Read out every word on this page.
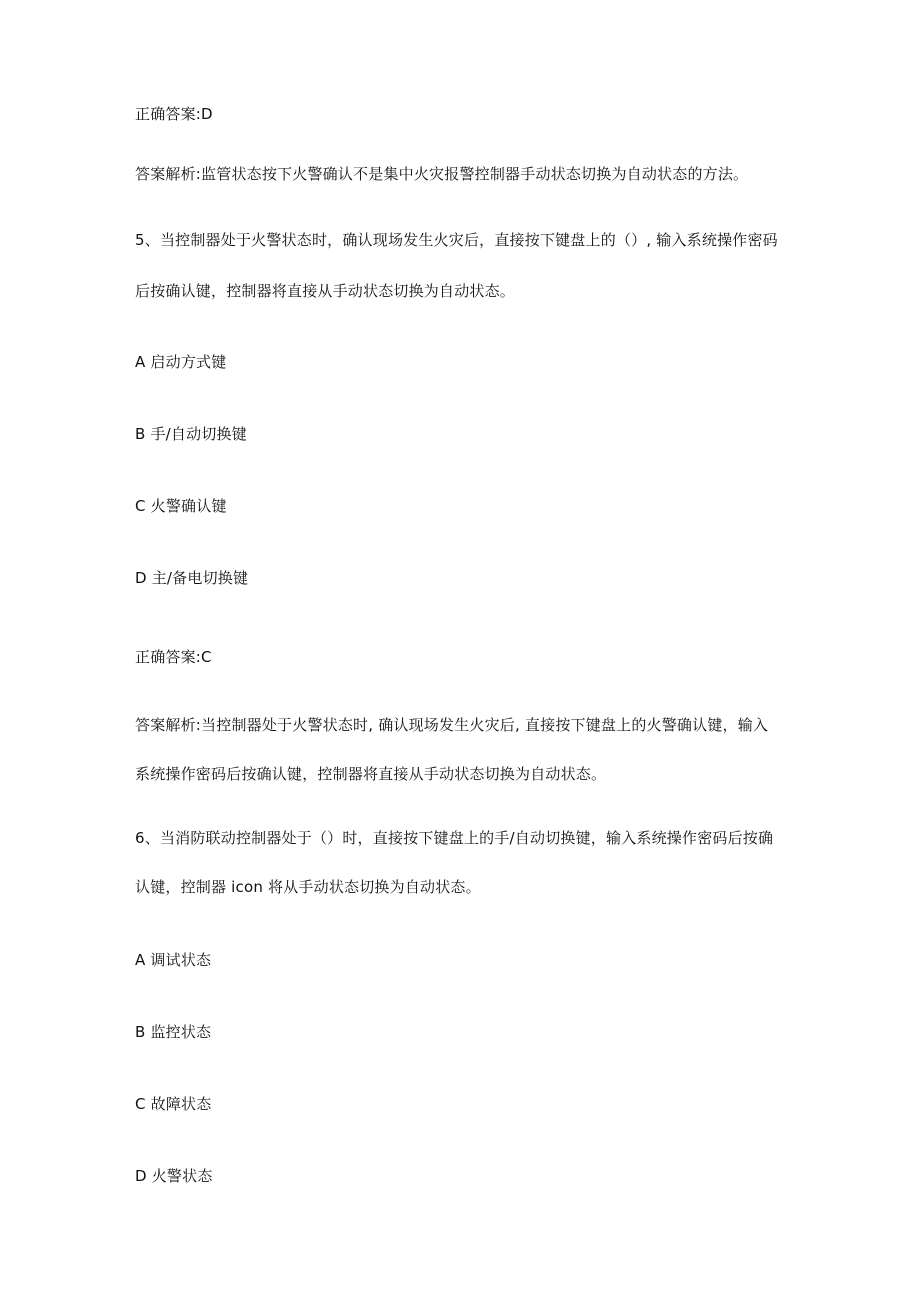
正确答案:D
答案解析:监管状态按下火警确认不是集中火灾报警控制器手动状态切换为自动状态的方法。
5、当控制器处于火警状态时，确认现场发生火灾后，直接按下键盘上的（）, 输入系统操作密码
后按确认键，控制器将直接从手动状态切换为自动状态。
A 启动方式键
B 手/自动切换键
C 火警确认键
D 主/备电切换键
正确答案:C
答案解析:当控制器处于火警状态时, 确认现场发生火灾后, 直接按下键盘上的火警确认键，输入
系统操作密码后按确认键，控制器将直接从手动状态切换为自动状态。
6、当消防联动控制器处于（）时，直接按下键盘上的手/自动切换键，输入系统操作密码后按确
认键，控制器 icon 将从手动状态切换为自动状态。
A 调试状态
B 监控状态
C 故障状态
D 火警状态
